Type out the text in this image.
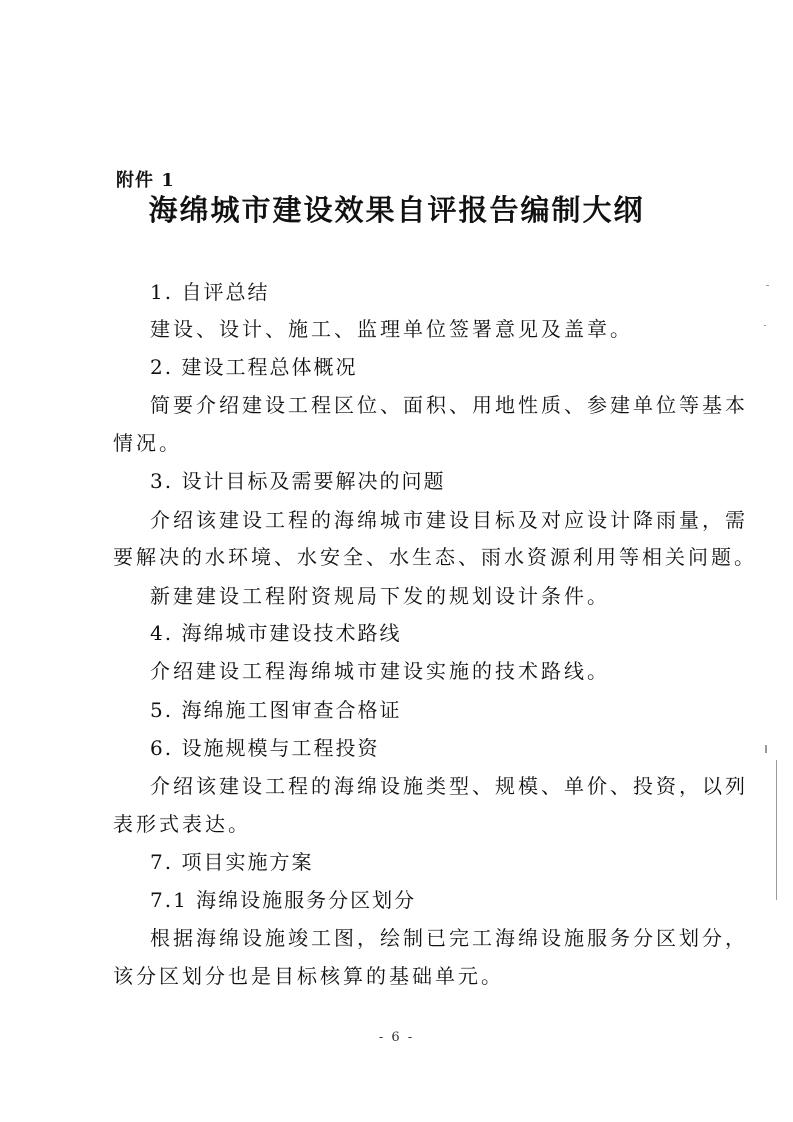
附件 1
海绵城市建设效果自评报告编制大纲
1. 自评总结
建设、设计、施工、监理单位签署意见及盖章。
2. 建设工程总体概况
简要介绍建设工程区位、面积、用地性质、参建单位等基本
情况。
3. 设计目标及需要解决的问题
介绍该建设工程的海绵城市建设目标及对应设计降雨量，需
要解决的水环境、水安全、水生态、雨水资源利用等相关问题。
新建建设工程附资规局下发的规划设计条件。
4. 海绵城市建设技术路线
介绍建设工程海绵城市建设实施的技术路线。
5. 海绵施工图审查合格证
6. 设施规模与工程投资
介绍该建设工程的海绵设施类型、规模、单价、投资，以列
表形式表达。
7. 项目实施方案
7.1 海绵设施服务分区划分
根据海绵设施竣工图，绘制已完工海绵设施服务分区划分，
该分区划分也是目标核算的基础单元。
- 6 -
